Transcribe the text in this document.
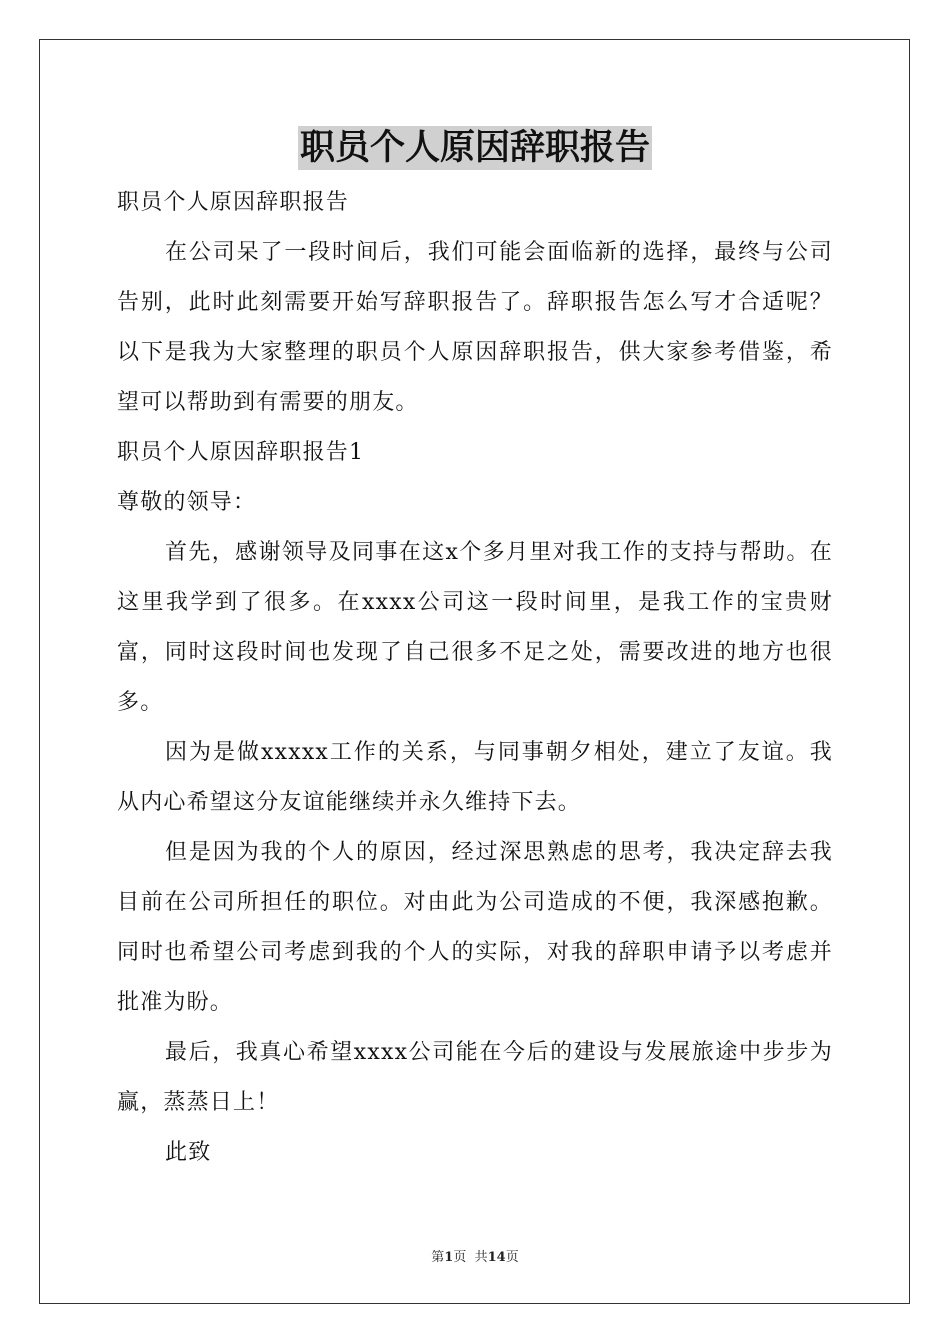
职员个人原因辞职报告

职员个人原因辞职报告

在公司呆了一段时间后，我们可能会面临新的选择，最终与公司告别，此时此刻需要开始写辞职报告了。辞职报告怎么写才合适呢？以下是我为大家整理的职员个人原因辞职报告，供大家参考借鉴，希望可以帮助到有需要的朋友。

职员个人原因辞职报告1

尊敬的领导：

首先，感谢领导及同事在这x个多月里对我工作的支持与帮助。在这里我学到了很多。在xxxx公司这一段时间里，是我工作的宝贵财富，同时这段时间也发现了自己很多不足之处，需要改进的地方也很多。

因为是做xxxxx工作的关系，与同事朝夕相处，建立了友谊。我从内心希望这分友谊能继续并永久维持下去。

但是因为我的个人的原因，经过深思熟虑的思考，我决定辞去我目前在公司所担任的职位。对由此为公司造成的不便，我深感抱歉。同时也希望公司考虑到我的个人的实际，对我的辞职申请予以考虑并批准为盼。

最后，我真心希望xxxx公司能在今后的建设与发展旅途中步步为赢，蒸蒸日上！

此致

第1页  共14页
